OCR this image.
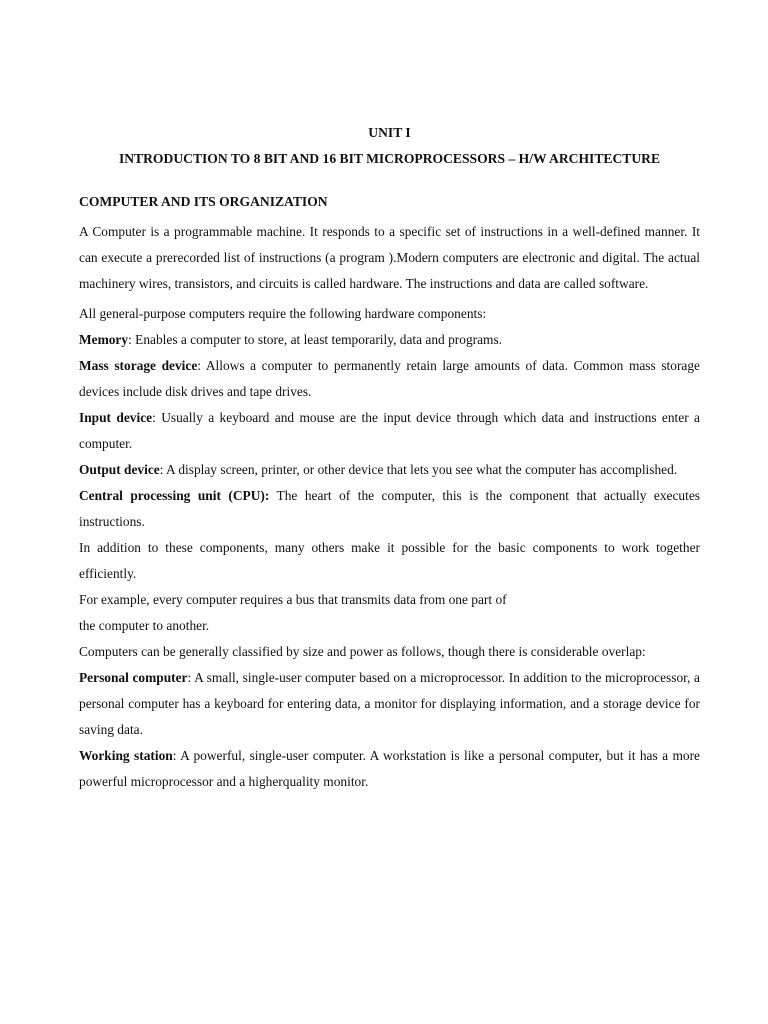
UNIT I

INTRODUCTION TO 8 BIT AND 16 BIT MICROPROCESSORS – H/W ARCHITECTURE

COMPUTER AND ITS ORGANIZATION

A Computer is a programmable machine. It responds to a specific set of instructions in a well-defined manner. It can execute a prerecorded list of instructions (a program ).Modern computers are electronic and digital. The actual machinery wires, transistors, and circuits is called hardware. The instructions and data are called software.

All general-purpose computers require the following hardware components:

Memory: Enables a computer to store, at least temporarily, data and programs.

Mass storage device: Allows a computer to permanently retain large amounts of data. Common mass storage devices include disk drives and tape drives.

Input device: Usually a keyboard and mouse are the input device through which data and instructions enter a computer.

Output device: A display screen, printer, or other device that lets you see what the computer has accomplished.

Central processing unit (CPU): The heart of the computer, this is the component that actually executes instructions.

In addition to these components, many others make it possible for the basic components to work together efficiently.

For example, every computer requires a bus that transmits data from one part of

the computer to another.

Computers can be generally classified by size and power as follows, though there is considerable overlap:

Personal computer: A small, single-user computer based on a microprocessor. In addition to the microprocessor, a personal computer has a keyboard for entering data, a monitor for displaying information, and a storage device for saving data.

Working station: A powerful, single-user computer. A workstation is like a personal computer, but it has a more powerful microprocessor and a higherquality monitor.
